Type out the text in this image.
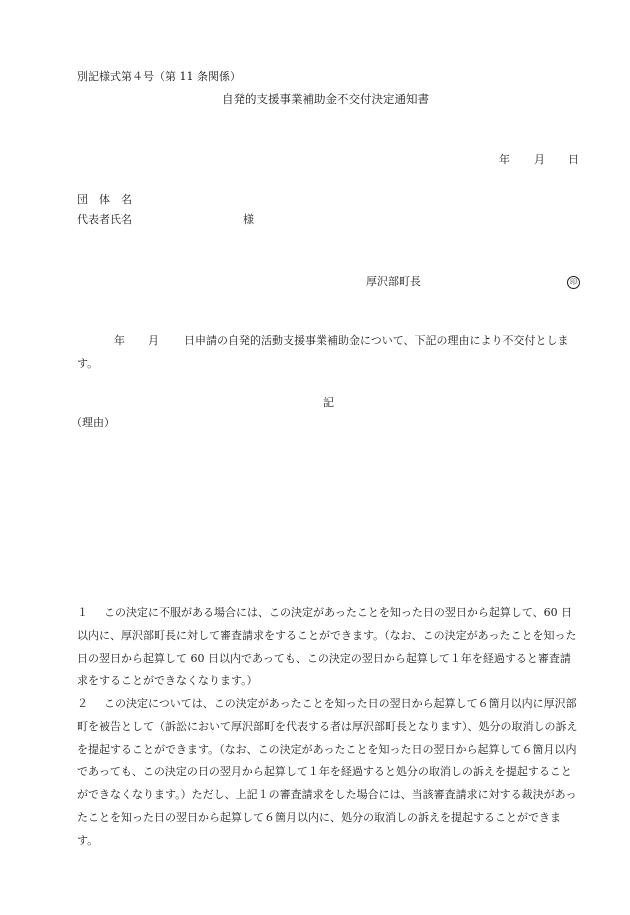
別記様式第４号（第 11 条関係）
自発的支援事業補助金不交付決定通知書
年 月 日
団　体　名
代表者氏名	様
厚沢部町長	印
年 月	日申請の自発的活動支援事業補助金について、下記の理由により不交付とします。
記
（理由）
１ この決定に不服がある場合には、この決定があったことを知った日の翌日から起算して、60 日以内に、厚沢部町長に対して審査請求をすることができます。（なお、この決定があったことを知った日の翌日から起算して 60 日以内であっても、この決定の翌日から起算して１年を経過すると審査請求をすることができなくなります。）
２ この決定については、この決定があったことを知った日の翌日から起算して６箇月以内に厚沢部町を被告として（訴訟において厚沢部町を代表する者は厚沢部町長となります）、処分の取消しの訴えを提起することができます。（なお、この決定があったことを知った日の翌日から起算して６箇月以内であっても、この決定の日の翌月から起算して１年を経過すると処分の取消しの訴えを提起することができなくなります。）ただし、上記１の審査請求をした場合には、当該審査請求に対する裁決があったことを知った日の翌日から起算して６箇月以内に、処分の取消しの訴えを提起することができます。
